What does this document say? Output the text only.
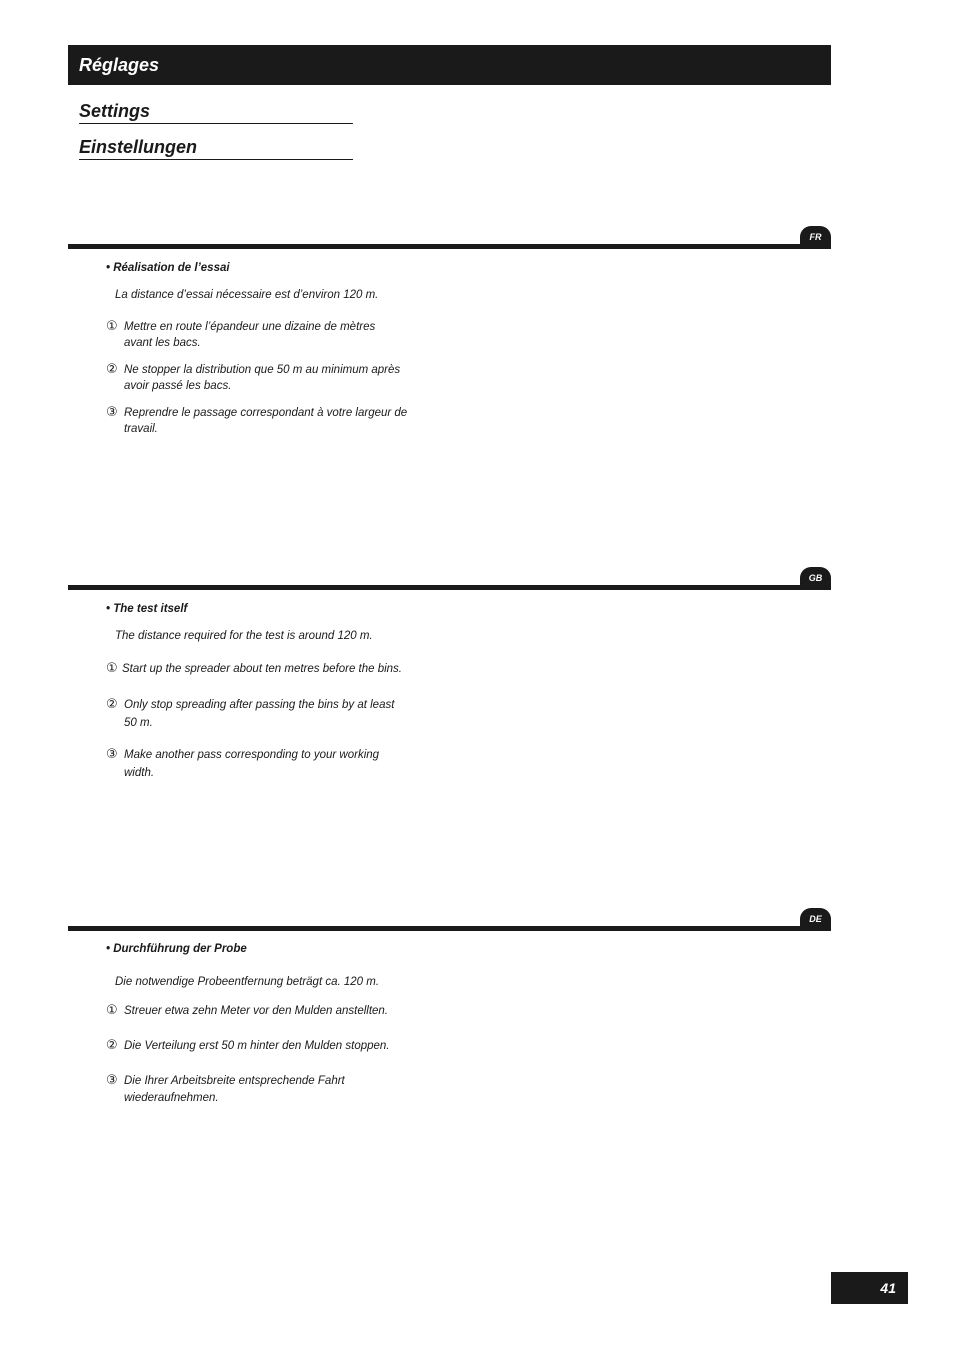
Réglages
Settings
Einstellungen
FR
• Réalisation de l’essai
La distance d’essai nécessaire est d’environ 120 m.
① Mettre en route l’épandeur une dizaine de mètres
avant les bacs.
② Ne stopper la distribution que 50 m au minimum après
avoir passé les bacs.
③ Reprendre le passage correspondant à votre largeur de
travail.
GB
• The test itself
The distance required for the test is around 120 m.
① Start up the spreader about ten metres before the bins.
② Only stop spreading after passing the bins by at least
50 m.
③ Make another pass corresponding to your working
width.
DE
• Durchführung der Probe
Die notwendige Probeentfernung beträgt ca. 120 m.
① Streuer etwa zehn Meter vor den Mulden anstellten.
② Die Verteilung erst 50 m hinter den Mulden stoppen.
③ Die Ihrer Arbeitsbreite entsprechende Fahrt
wiederaufnehmen.
41
